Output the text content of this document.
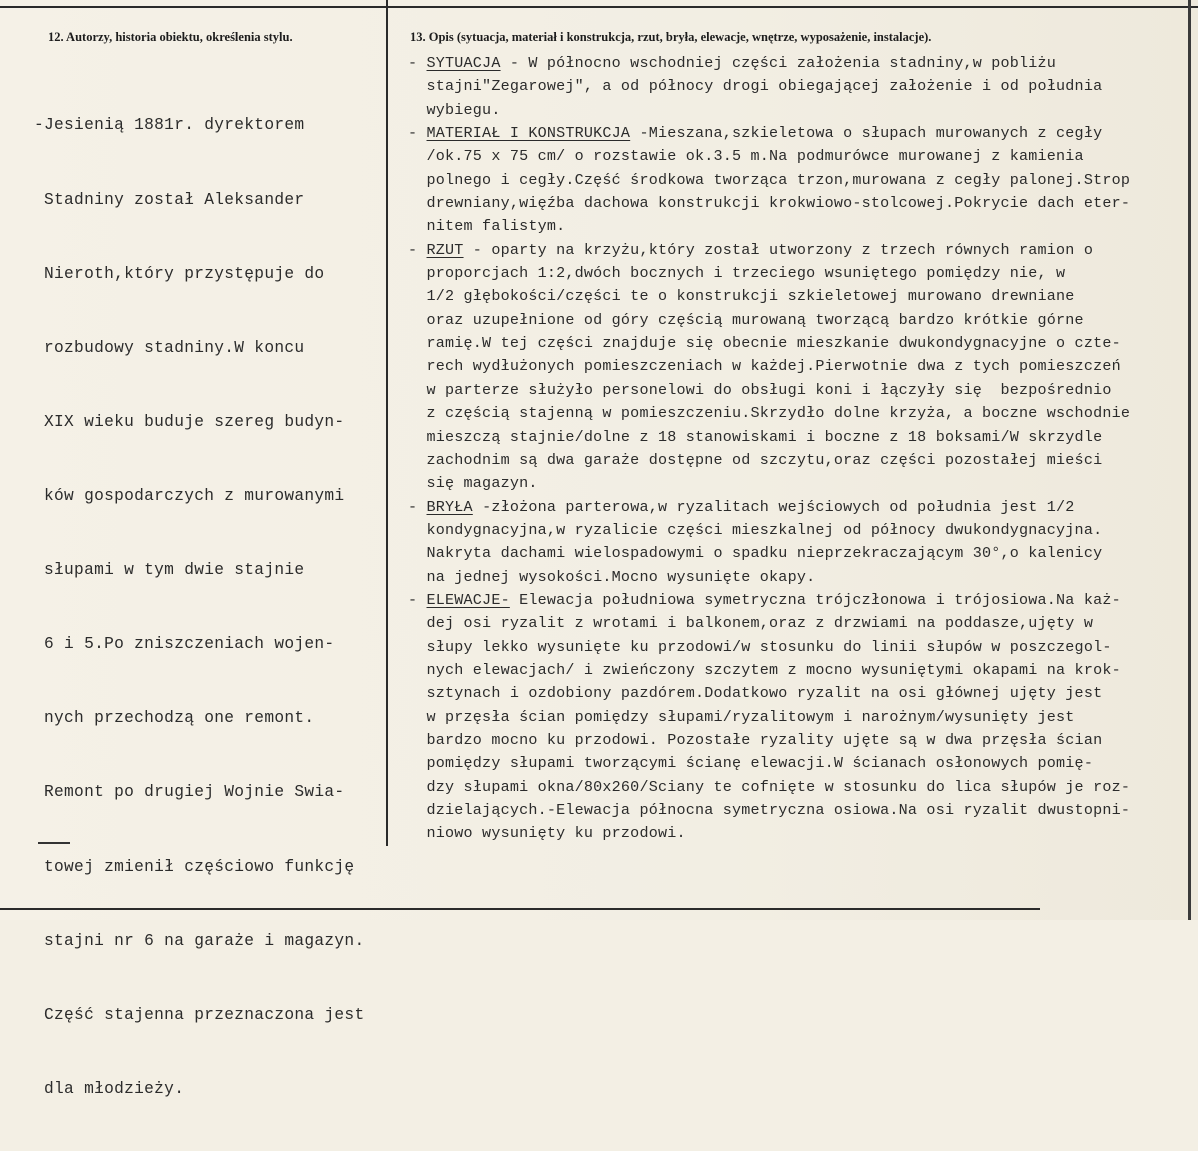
12. Autorzy, historia obiektu, określenia stylu.	13. Opis (sytuacja, materiał i konstrukcja, rzut, bryła, elewacje, wnętrze, wyposażenie, instalacje).

-Jesienią 1881r. dyrektorem

Stadniny został Aleksander

Nieroth,który przystępuje do

rozbudowy stadniny.W koncu

XIX wieku buduje szereg budyn-

ków gospodarczych z murowanymi

słupami w tym dwie stajnie

6 i 5.Po zniszczeniach wojen-

nych przechodzą one remont.

Remont po drugiej Wojnie Swia-

towej zmienił częściowo funkcję

stajni nr 6 na garaże i magazyn.

Część stajenna przeznaczona jest

dla młodzieży.

- SYTUACJA - W północno wschodniej części założenia stadniny,w pobliżu
stajni"Zegarowej", a od północy drogi obiegającej założenie i od południa
wybiegu.
- MATERIAŁ I KONSTRUKCJA -Mieszana,szkieletowa o słupach murowanych z cegły
/ok.75 x 75 cm/ o rozstawie ok.3.5 m.Na podmurówce murowanej z kamienia
polnego i cegły.Część środkowa tworząca trzon,murowana z cegły palonej.Strop
drewniany,więźba dachowa konstrukcji krokwiowo-stolcowej.Pokrycie dach eter-
nitem falistym.
- RZUT - oparty na krzyżu,który został utworzony z trzech równych ramion o
proporcjach 1:2,dwóch bocznych i trzeciego wsuniętego pomiędzy nie, w
1/2 głębokości/części te o konstrukcji szkieletowej murowano drewniane
oraz uzupełnione od góry częścią murowaną tworzącą bardzo krótkie górne
ramię.W tej części znajduje się obecnie mieszkanie dwukondygnacyjne o czte-
rech wydłużonych pomieszczeniach w każdej.Pierwotnie dwa z tych pomieszczeń
w parterze służyło personelowi do obsługi koni i łączyły się  bezpośrednio
z częścią stajenną w pomieszczeniu.Skrzydło dolne krzyża, a boczne wschodnie
mieszczą stajnie/dolne z 18 stanowiskami i boczne z 18 boksami/W skrzydle
zachodnim są dwa garaże dostępne od szczytu,oraz części pozostałej mieści
się magazyn.
- BRYŁA -złożona parterowa,w ryzalitach wejściowych od południa jest 1/2
kondygnacyjna,w ryzalicie części mieszkalnej od północy dwukondygnacyjna.
Nakryta dachami wielospadowymi o spadku nieprzekraczającym 30°,o kalenicy
na jednej wysokości.Mocno wysunięte okapy.
- ELEWACJE- Elewacja południowa symetryczna trójczłonowa i trójosiowa.Na każ-
dej osi ryzalit z wrotami i balkonem,oraz z drzwiami na poddasze,ujęty w
słupy lekko wysunięte ku przodowi/w stosunku do linii słupów w poszczegol-
nych elewacjach/ i zwieńczony szczytem z mocno wysuniętymi okapami na krok-
sztynach i ozdobiony pazdórem.Dodatkowo ryzalit na osi głównej ujęty jest
w przęsła ścian pomiędzy słupami/ryzalitowym i narożnym/wysunięty jest
bardzo mocno ku przodowi. Pozostałe ryzality ujęte są w dwa przęsła ścian
pomiędzy słupami tworzącymi ścianę elewacji.W ścianach osłonowych pomię-
dzy słupami okna/80x260/Sciany te cofnięte w stosunku do lica słupów je roz-
dzielających.-Elewacja północna symetryczna osiowa.Na osi ryzalit dwustopni-
niowo wysunięty ku przodowi.
